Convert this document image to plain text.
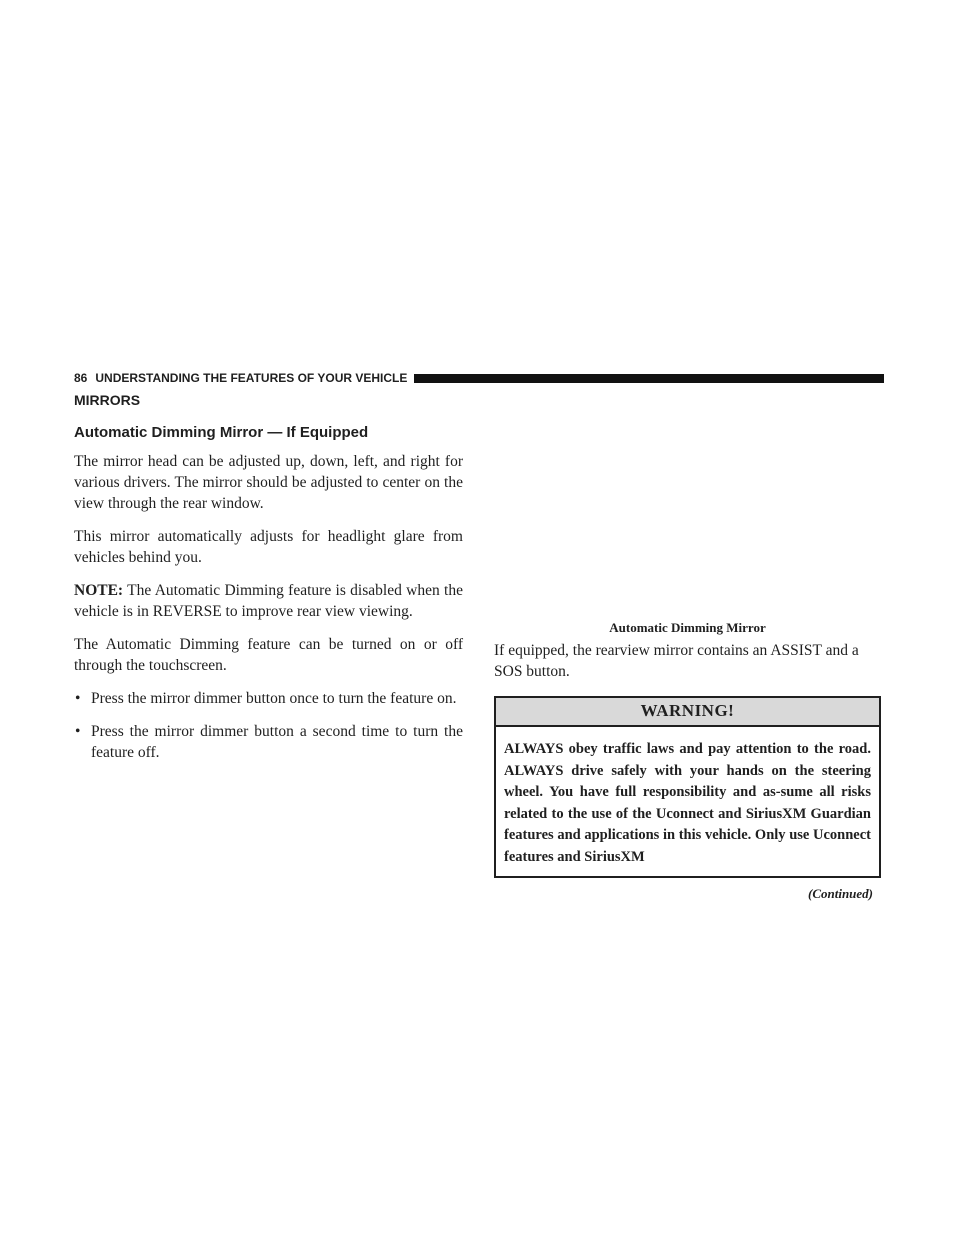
86 UNDERSTANDING THE FEATURES OF YOUR VEHICLE
MIRRORS
Automatic Dimming Mirror — If Equipped

The mirror head can be adjusted up, down, left, and right for various drivers. The mirror should be adjusted to center on the view through the rear window.

This mirror automatically adjusts for headlight glare from vehicles behind you.

NOTE: The Automatic Dimming feature is disabled when the vehicle is in REVERSE to improve rear view viewing.

The Automatic Dimming feature can be turned on or off through the touchscreen.

• Press the mirror dimmer button once to turn the feature on.
• Press the mirror dimmer button a second time to turn the feature off.
Automatic Dimming Mirror

If equipped, the rearview mirror contains an ASSIST and a SOS button.

WARNING!
ALWAYS obey traffic laws and pay attention to the road. ALWAYS drive safely with your hands on the steering wheel. You have full responsibility and as-sume all risks related to the use of the Uconnect and SiriusXM Guardian features and applications in this vehicle. Only use Uconnect features and SiriusXM
(Continued)
